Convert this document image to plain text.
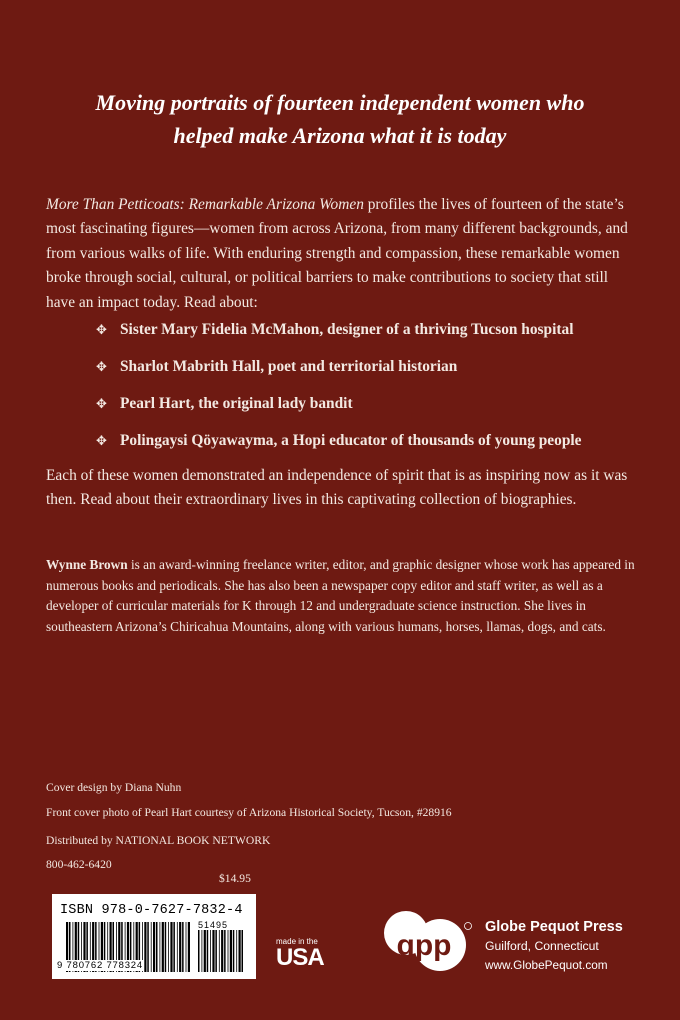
Moving portraits of fourteen independent women who
helped make Arizona what it is today

More Than Petticoats: Remarkable Arizona Women profiles the lives of fourteen of the state’s most fascinating figures—women from across Arizona, from many different backgrounds, and from various walks of life. With enduring strength and compassion, these remarkable women broke through social, cultural, or political barriers to make contributions to society that still have an impact today. Read about:

✥ Sister Mary Fidelia McMahon, designer of a thriving Tucson hospital
✥ Sharlot Mabrith Hall, poet and territorial historian
✥ Pearl Hart, the original lady bandit
✥ Polingaysi Qöyawayma, a Hopi educator of thousands of young people

Each of these women demonstrated an independence of spirit that is as inspiring now as it was then. Read about their extraordinary lives in this captivating collection of biographies.

Wynne Brown is an award-winning freelance writer, editor, and graphic designer whose work has appeared in numerous books and periodicals. She has also been a newspaper copy editor and staff writer, as well as a developer of curricular materials for K through 12 and undergraduate science instruction. She lives in southeastern Arizona’s Chiricahua Mountains, along with various humans, horses, llamas, dogs, and cats.

Cover design by Diana Nuhn
Front cover photo of Pearl Hart courtesy of Arizona Historical Society, Tucson, #28916
Distributed by NATIONAL BOOK NETWORK
800-462-6420
$14.95
ISBN 978-0-7627-7832-4
51495
9 780762 778324
made in the
USA gpp
Globe Pequot Press
Guilford, Connecticut
www.GlobePequot.com
